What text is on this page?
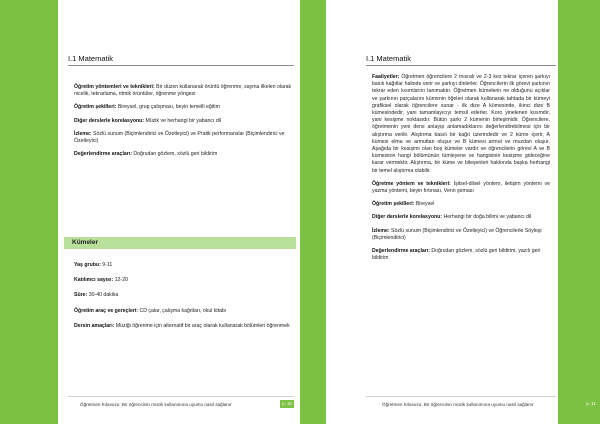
I.1 Matematik

Öğretim yöntemleri ve teknikleri: Bir düzen kullanarak örüntü öğrenme, sayma ilkeleri olarak nicelik, tekrarlama, ritmik örüntüler, öğrenme yöngesi

Öğretim şekilleri: Bireysel, grup çalışması, beyin temelli eğitim

Diğer derslerle korelasyonu: Müzik ve herhangi bir yabancı dil

İzleme: Sözlü sunum (Biçimlendirici ve Özetleyici) ve Pratik performanslar (Biçimlendirici ve Özetleyici)

Değerlendirme araçları: Doğrudan gözlem, sözlü geri bildirim

Kümeler

Yaş grubu: 9-11

Katılımcı sayısı: 12-20

Süre: 30-40 dakika

Öğretim araç ve gereçleri: CD çalar, çalışma kağıtları, okul kitabı

Dersin amaçları: Müziği öğrenme için alternatif bir araç olarak kullanarak bölümleri öğrenmek

Öğretmen Kılavuzu: Bir öğrencinin müzik kullanımına uyumu nasıl sağlanır	p. 10
I.1 Matematik

Faaliyetler: Öğretmen öğrencilere 2 mısralı ve 2-3 kez tekrar içeren şarkıyı basılı kağıtlar halinde verir ve şarkıyı dinlerler. Öğrencilerin ilk görevi şarkının tekrar eden kısımlarını tanımaktır. Öğretmen kümelerin ne olduğunu açıklar ve şarkının parçalarını kümenin öğeleri olarak kullanarak tahtada bir kümeyi grafiksel olarak öğrencilere sunar - ilk dize A kümesinde, ikinci dize B kümesindedir, yani tamamlayıcıyı temsil ederler. Koro yinelenen kısımdır, yani kesişme noktasıdır. Bütün şarkı 2 kümenin birleşimidir. Öğrencilere, öğretmenin yeni dersi anlayıp anlamadıklarını değerlendirebilmesi için bir alıştırma verilir. Alıştırma basılı bir kağıt üzerindedir ve 2 küme içerir, A kümesi elma ve armuttan oluşur ve B kümesi armut ve muzdan oluşur. Aşağıda bir kesişimi olan boş kümeler vardır ve öğrencilerin görevi A ve B kümesinin hangi bölümünün tümleyene ve hangisinin kesişme gideceğine karar vermektir. Alıştırma, bir küme ve bileşenleri hakkında başka herhangi bir temel alıştırma olabilir.

Öğretme yöntem ve teknikleri: İşitsel-dilsel yöntem, iletişim yöntemi ve yazma yöntemi, beyin fırtınası, Venn şeması

Öğretim şekilleri: Bireysel

Diğer derslerle korelasyonu: Herhangi bir doğa bilimi ve yabancı dil

İzleme: Sözlü sunum (Biçimlendirici ve Özetleyici) ve Öğrencilerle Söyleşi (Biçimlendirici)

Değerlendirme araçları: Doğrudan gözlem, sözlü geri bildirim, yazılı geri bildirim

Öğretmen Kılavuzu: Bir öğrencinin müzik kullanımına uyumu nasıl sağlanır	p. 11
